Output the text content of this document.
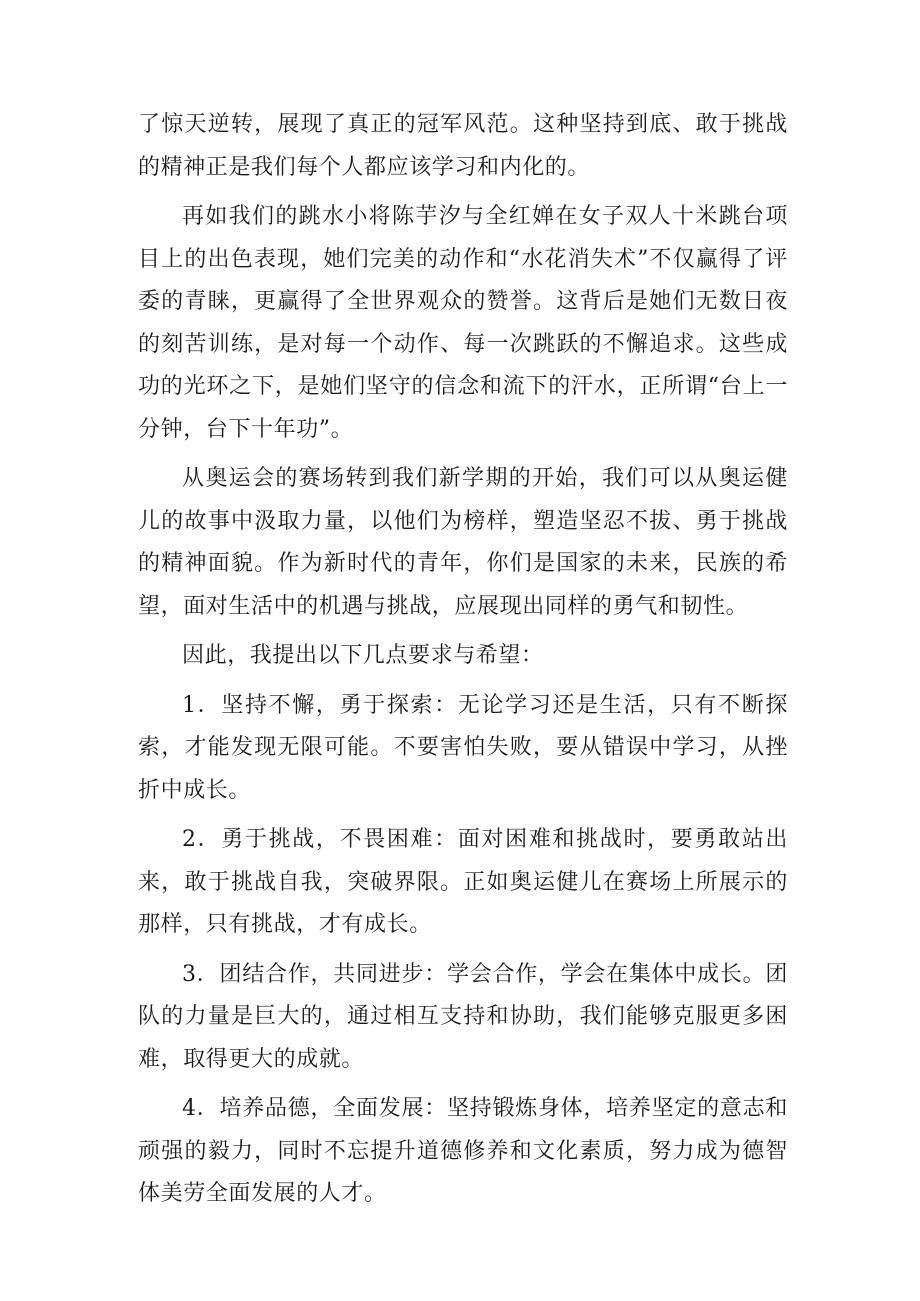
了惊天逆转，展现了真正的冠军风范。这种坚持到底、敢于挑战的精神正是我们每个人都应该学习和内化的。

再如我们的跳水小将陈芋汐与全红婵在女子双人十米跳台项目上的出色表现，她们完美的动作和“水花消失术”不仅赢得了评委的青睐，更赢得了全世界观众的赞誉。这背后是她们无数日夜的刻苦训练，是对每一个动作、每一次跳跃的不懈追求。这些成功的光环之下，是她们坚守的信念和流下的汗水，正所谓“台上一分钟，台下十年功”。

从奥运会的赛场转到我们新学期的开始，我们可以从奥运健儿的故事中汲取力量，以他们为榜样，塑造坚忍不拔、勇于挑战的精神面貌。作为新时代的青年，你们是国家的未来，民族的希望，面对生活中的机遇与挑战，应展现出同样的勇气和韧性。

因此，我提出以下几点要求与希望：

1．坚持不懈，勇于探索：无论学习还是生活，只有不断探索，才能发现无限可能。不要害怕失败，要从错误中学习，从挫折中成长。

2．勇于挑战，不畏困难：面对困难和挑战时，要勇敢站出来，敢于挑战自我，突破界限。正如奥运健儿在赛场上所展示的那样，只有挑战，才有成长。

3．团结合作，共同进步：学会合作，学会在集体中成长。团队的力量是巨大的，通过相互支持和协助，我们能够克服更多困难，取得更大的成就。

4．培养品德，全面发展：坚持锻炼身体，培养坚定的意志和顽强的毅力，同时不忘提升道德修养和文化素质，努力成为德智体美劳全面发展的人才。
